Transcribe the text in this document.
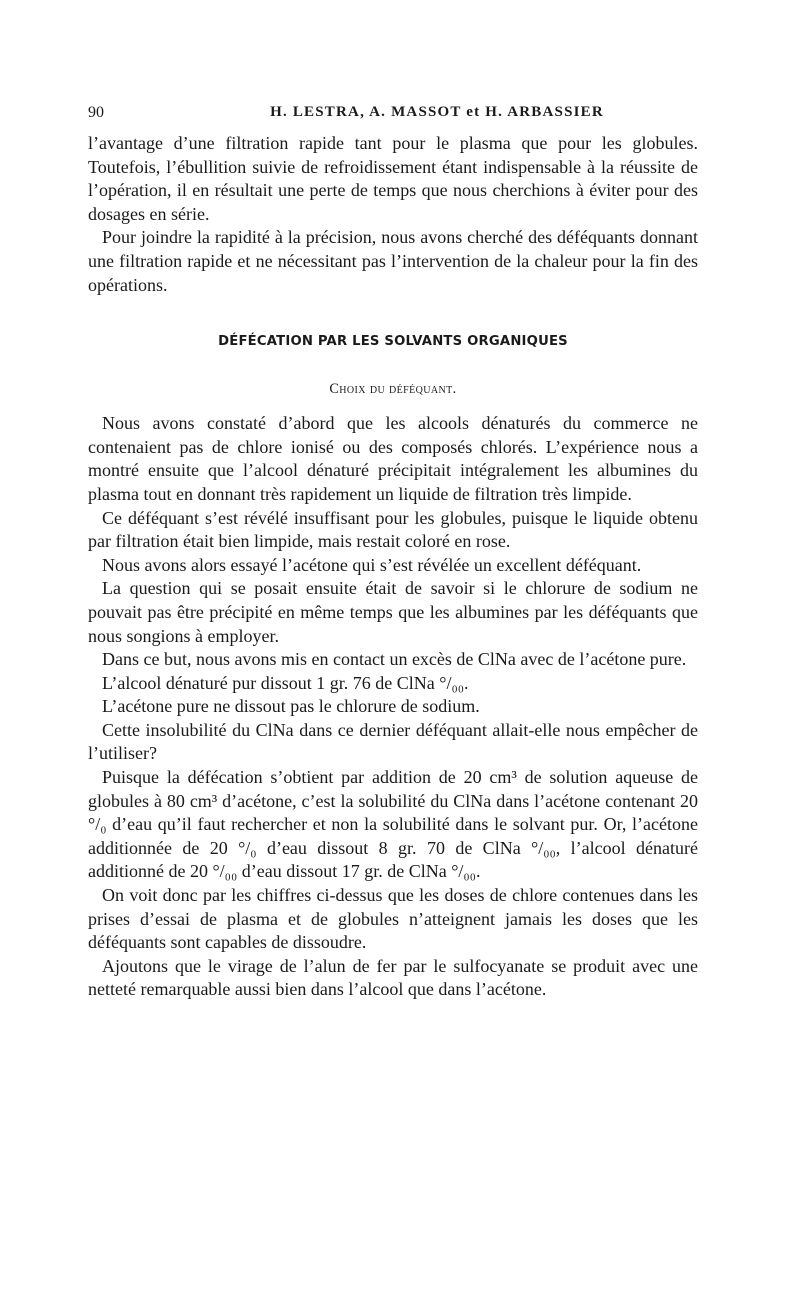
90	H. LESTRA, A. MASSOT et H. ARBASSIER

l’avantage d’une filtration rapide tant pour le plasma que pour les globules. Toutefois, l’ébullition suivie de refroidissement étant indispensable à la réussite de l’opération, il en résultait une perte de temps que nous cherchions à éviter pour des dosages en série.

Pour joindre la rapidité à la précision, nous avons cherché des déféquants donnant une filtration rapide et ne nécessitant pas l’intervention de la chaleur pour la fin des opérations.

DÉFÉCATION PAR LES SOLVANTS ORGANIQUES
Choix du déféquant.

Nous avons constaté d’abord que les alcools dénaturés du commerce ne contenaient pas de chlore ionisé ou des composés chlorés. L’expérience nous a montré ensuite que l’alcool dénaturé précipitait intégralement les albumines du plasma tout en donnant très rapidement un liquide de filtration très limpide.

Ce déféquant s’est révélé insuffisant pour les globules, puisque le liquide obtenu par filtration était bien limpide, mais restait coloré en rose.

Nous avons alors essayé l’acétone qui s’est révélée un excellent déféquant.

La question qui se posait ensuite était de savoir si le chlorure de sodium ne pouvait pas être précipité en même temps que les albumines par les déféquants que nous songions à employer.

Dans ce but, nous avons mis en contact un excès de ClNa avec de l’acétone pure.

L’alcool dénaturé pur dissout 1 gr. 76 de ClNa °/₀₀.

L’acétone pure ne dissout pas le chlorure de sodium.

Cette insolubilité du ClNa dans ce dernier déféquant allait-elle nous empêcher de l’utiliser?

Puisque la défécation s’obtient par addition de 20 cm³ de solution aqueuse de globules à 80 cm³ d’acétone, c’est la solubilité du ClNa dans l’acétone contenant 20 °/₀ d’eau qu’il faut rechercher et non la solubilité dans le solvant pur. Or, l’acétone additionnée de 20 °/₀ d’eau dissout 8 gr. 70 de ClNa °/₀₀, l’alcool dénaturé additionné de 20 °/₀₀ d’eau dissout 17 gr. de ClNa °/₀₀.

On voit donc par les chiffres ci-dessus que les doses de chlore contenues dans les prises d’essai de plasma et de globules n’atteignent jamais les doses que les déféquants sont capables de dissoudre.

Ajoutons que le virage de l’alun de fer par le sulfocyanate se produit avec une netteté remarquable aussi bien dans l’alcool que dans l’acétone.
